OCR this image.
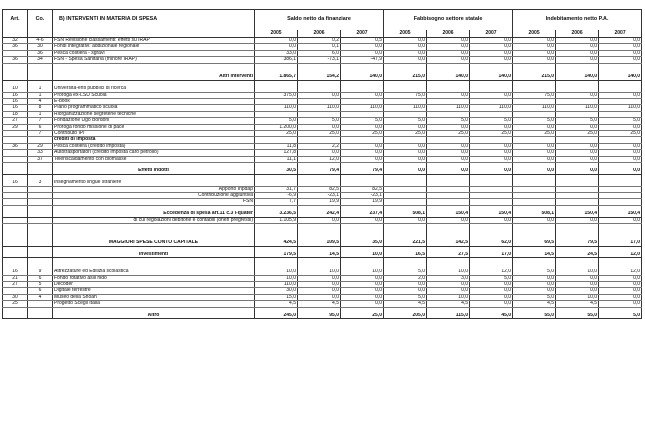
Art.	Co.	B) INTERVENTI IN MATERIA DI SPESA	Saldo netto da finanziare			Fabbisogno settore statale			Indebitamento netto P.A.		
			2005	2006	2007	2005	2006	2007	2005	2006	2007
32	4-6	FSN Revisione classamenti: effetti su IRAP	0,0	0,2	0,5	0,0	0,0	0,0	0,0	0,0	0,0
36	30	Fondi integrativi: addizionale regionale	0,0	0,1	0,0	0,0	0,0	0,0	0,0	0,0	0,0
	36	Pesca costiera - sgravi	33,0	6,0	0,0	0,0	0,0	0,0	0,0	0,0	0,0
36	34	FSN - Spesa Sanitaria (minore IRAP)	386,1	-73,1	-47,9	0,0	0,0	0,0	0,0	0,0	0,0

		Altri interventi	1.865,7	154,2	140,0	215,0	140,0	140,0	215,0	140,0	140,0

10	1	Università-enti pubblici di ricerca									
16	1	Proroga ex-LSU Scuola	375,0	0,0	0,0	75,0	0,0	0,0	75,0	0,0	0,0
16	4	E-book									
16	8	Piano programmatico scuola	110,0	110,0	110,0	110,0	110,0	110,0	110,0	110,0	110,0
18	1	Riorganizzazione segreterie tecniche									
27	7	Fondazione Ugo Bordoni	5,0	5,0	5,0	5,0	5,0	5,0	5,0	5,0	5,0
29	6	Proroga fondo missione di pace	1.200,0	0,0	0,0	0,0	0,0	0,0	0,0	0,0	0,0
	7	Contributo IPI	25,0	25,0	25,0	25,0	25,0	25,0	25,0	25,0	25,0
		crediti di imposta									
36	29	Pesca costiera (credito imposta)	11,8	2,2	0,0	0,0	0,0	0,0	0,0	0,0	0,0
	33	Autotrasportatori (credito imposta caro petrolio)	127,8	0,0	0,0	0,0	0,0	0,0	0,0	0,0	0,0
	37	Teleriscaldamento con biomasse	11,1	12,0	0,0	0,0	0,0	0,0	0,0	0,0	0,0

		Effetti indotti	30,5	79,4	79,4	0,0	0,0	0,0	0,0	0,0	0,0

16	3	Insegnamento lingue straniere									
		Apporto Inpdap	31,7	82,5	82,5						
		Contribuzione aggiuntiva	-6,9	-23,1	-23,1						
		FSN	7,7	19,9	19,9						

		Eccedenza di spesa art.11 c.3 l-quater	3.236,5	242,4	237,4	508,1	150,4	150,4	508,1	150,4	150,4
		di cui regolazioni debitorie e contabili (oneri pregressi)	1.105,9	0,0	0,0	0,0	0,0	0,0	0,0	0,0	0,0

		MAGGIORI SPESE CONTO CAPITALE	424,5	109,5	35,0	221,5	142,5	62,0	69,5	79,5	17,0

		Investimenti	179,5	14,5	10,0	16,5	27,5	17,0	14,5	24,5	12,0

16	9	Attrezzature ed Edilizia scolastica	10,0	10,0	10,0	5,0	10,0	12,0	5,0	10,0	12,0
21	6	Fondo rotativo asili nido	10,0	0,0	0,0	2,0	3,0	5,0	0,0	0,0	0,0
27	5	Decoder	110,0	0,0	0,0	0,0	0,0	0,0	0,0	0,0	0,0
	6	Digitale terrestre	30,0	0,0	0,0	0,0	0,0	0,0	0,0	0,0	0,0
30	4	Museo della Shoah	15,0	0,0	0,0	5,0	10,0	0,0	5,0	10,0	0,0
25		Progetto Scegli Italia	4,5	4,5	0,0	4,5	4,5	0,0	4,5	4,5	0,0

		Altro	245,0	95,0	25,0	205,0	115,0	45,0	55,0	55,0	5,0
